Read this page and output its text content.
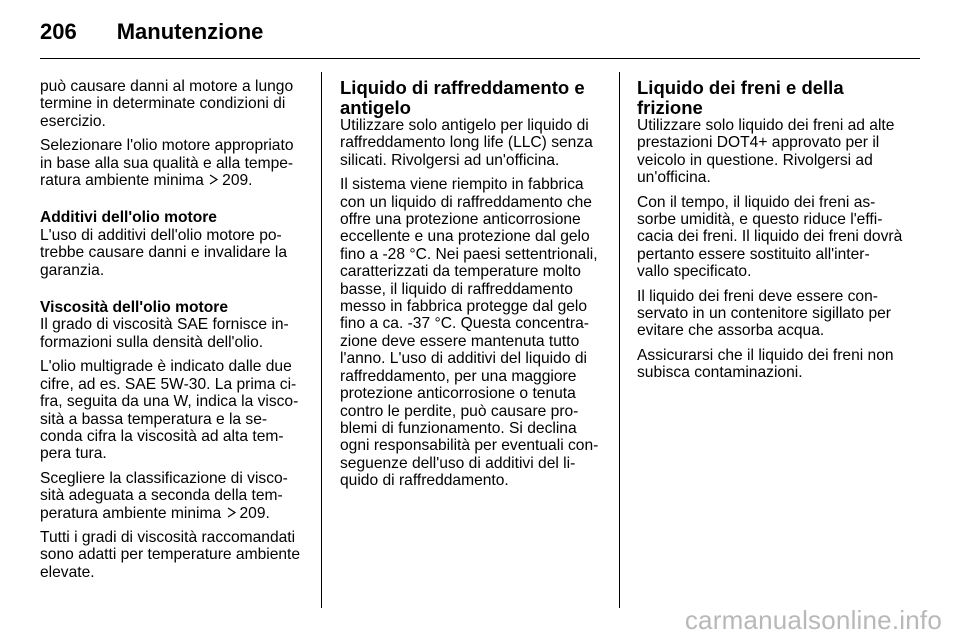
206 Manutenzione

può causare danni al motore a lungo termine in determinate condizioni di esercizio.

Selezionare l'olio motore appropriato in base alla sua qualità e alla tempe- ratura ambiente minima 209.

Additivi dell'olio motore

L'uso di additivi dell'olio motore po- trebbe causare danni e invalidare la garanzia.

Viscosità dell'olio motore

Il grado di viscosità SAE fornisce in- formazioni sulla densità dell'olio.

L'olio multigrade è indicato dalle due cifre, ad es. SAE 5W-30. La prima ci- fra, seguita da una W, indica la visco- sità a bassa temperatura e la se- conda cifra la viscosità ad alta tem- pera tura.

Scegliere la classificazione di visco- sità adeguata a seconda della tem- peratura ambiente minima 209.

Tutti i gradi di viscosità raccomandati sono adatti per temperature ambiente elevate.

Liquido di raffreddamento e antigelo

Utilizzare solo antigelo per liquido di raffreddamento long life (LLC) senza silicati. Rivolgersi ad un'officina.

Il sistema viene riempito in fabbrica con un liquido di raffreddamento che offre una protezione anticorrosione eccellente e una protezione dal gelo fino a -28 °C. Nei paesi settentrionali, caratterizzati da temperature molto basse, il liquido di raffreddamento messo in fabbrica protegge dal gelo fino a ca. -37 °C. Questa concentra- zione deve essere mantenuta tutto l'anno. L'uso di additivi del liquido di raffreddamento, per una maggiore protezione anticorrosione o tenuta contro le perdite, può causare pro- blemi di funzionamento. Si declina ogni responsabilità per eventuali con- seguenze dell'uso di additivi del li- quido di raffreddamento.

Liquido dei freni e della frizione

Utilizzare solo liquido dei freni ad alte prestazioni DOT4+ approvato per il veicolo in questione. Rivolgersi ad un'officina.

Con il tempo, il liquido dei freni as- sorbe umidità, e questo riduce l'effi- cacia dei freni. Il liquido dei freni dovrà pertanto essere sostituito all'inter- vallo specificato.

Il liquido dei freni deve essere con- servato in un contenitore sigillato per evitare che assorba acqua.

Assicurarsi che il liquido dei freni non subisca contaminazioni.

carmanualsonline.info
